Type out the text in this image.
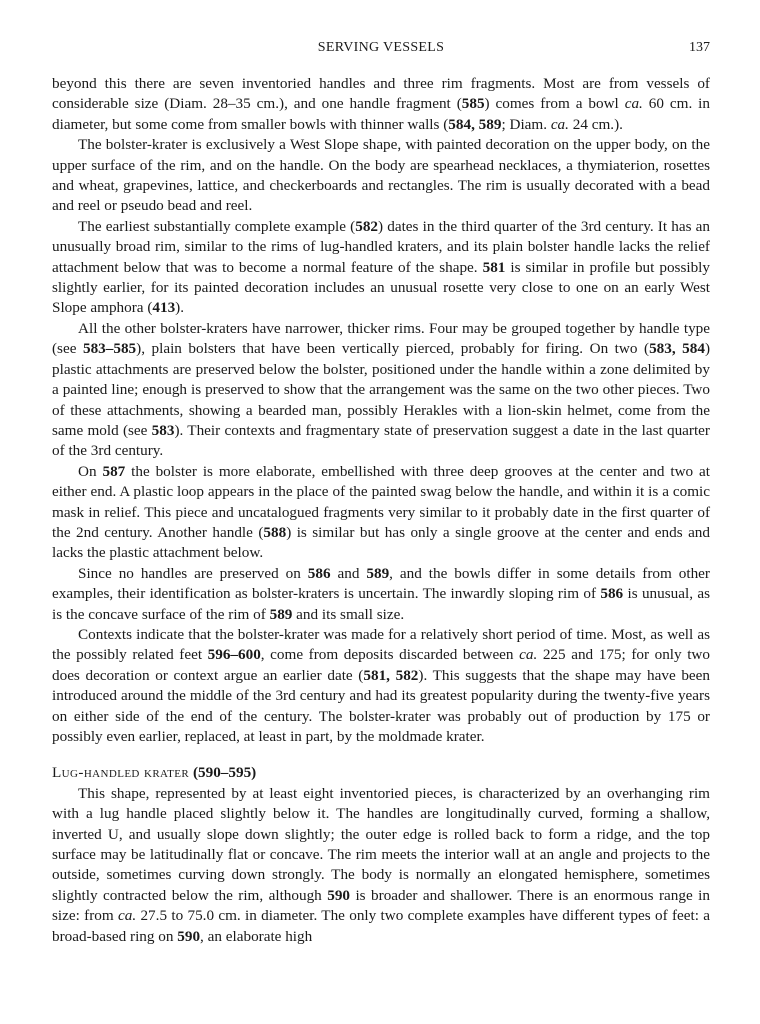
SERVING VESSELS	137

beyond this there are seven inventoried handles and three rim fragments. Most are from vessels of considerable size (Diam. 28–35 cm.), and one handle fragment (585) comes from a bowl ca. 60 cm. in diameter, but some come from smaller bowls with thinner walls (584, 589; Diam. ca. 24 cm.).

The bolster-krater is exclusively a West Slope shape, with painted decoration on the upper body, on the upper surface of the rim, and on the handle. On the body are spearhead necklaces, a thymiaterion, rosettes and wheat, grapevines, lattice, and checkerboards and rectangles. The rim is usually decorated with a bead and reel or pseudo bead and reel.

The earliest substantially complete example (582) dates in the third quarter of the 3rd century. It has an unusually broad rim, similar to the rims of lug-handled kraters, and its plain bolster handle lacks the relief attachment below that was to become a normal feature of the shape. 581 is similar in profile but possibly slightly earlier, for its painted decoration includes an unusual rosette very close to one on an early West Slope amphora (413).

All the other bolster-kraters have narrower, thicker rims. Four may be grouped together by handle type (see 583–585), plain bolsters that have been vertically pierced, probably for firing. On two (583, 584) plastic attachments are preserved below the bolster, positioned under the handle within a zone delimited by a painted line; enough is preserved to show that the arrangement was the same on the two other pieces. Two of these attachments, showing a bearded man, possibly Herakles with a lion-skin helmet, come from the same mold (see 583). Their contexts and fragmentary state of preservation suggest a date in the last quarter of the 3rd century.

On 587 the bolster is more elaborate, embellished with three deep grooves at the center and two at either end. A plastic loop appears in the place of the painted swag below the handle, and within it is a comic mask in relief. This piece and uncatalogued fragments very similar to it probably date in the first quarter of the 2nd century. Another handle (588) is similar but has only a single groove at the center and ends and lacks the plastic attachment below.

Since no handles are preserved on 586 and 589, and the bowls differ in some details from other examples, their identification as bolster-kraters is uncertain. The inwardly sloping rim of 586 is unusual, as is the concave surface of the rim of 589 and its small size.

Contexts indicate that the bolster-krater was made for a relatively short period of time. Most, as well as the possibly related feet 596–600, come from deposits discarded between ca. 225 and 175; for only two does decoration or context argue an earlier date (581, 582). This suggests that the shape may have been introduced around the middle of the 3rd century and had its greatest popularity during the twenty-five years on either side of the end of the century. The bolster-krater was probably out of production by 175 or possibly even earlier, replaced, at least in part, by the moldmade krater.

Lug-handled krater (590–595)

This shape, represented by at least eight inventoried pieces, is characterized by an overhanging rim with a lug handle placed slightly below it. The handles are longitudinally curved, forming a shallow, inverted U, and usually slope down slightly; the outer edge is rolled back to form a ridge, and the top surface may be latitudinally flat or concave. The rim meets the interior wall at an angle and projects to the outside, sometimes curving down strongly. The body is normally an elongated hemisphere, sometimes slightly contracted below the rim, although 590 is broader and shallower. There is an enormous range in size: from ca. 27.5 to 75.0 cm. in diameter. The only two complete examples have different types of feet: a broad-based ring on 590, an elaborate high
